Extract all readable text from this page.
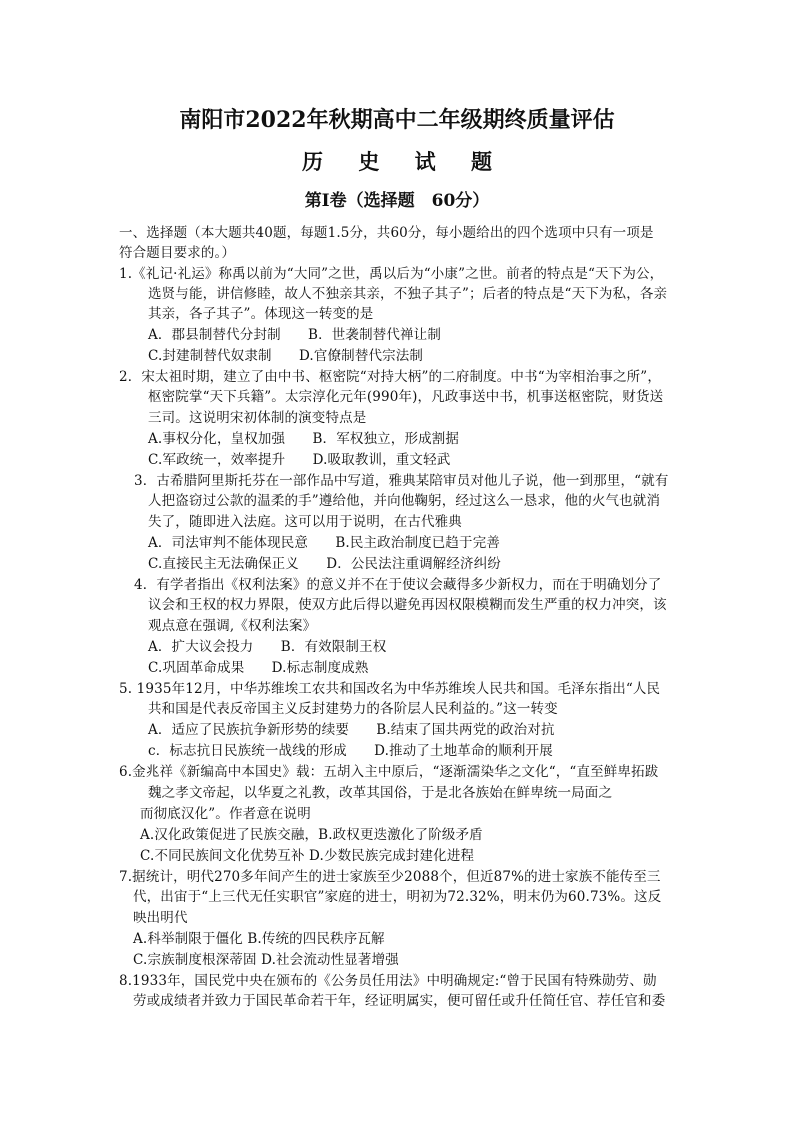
南阳市2022年秋期高中二年级期终质量评估
历 史 试 题
第Ⅰ卷（选择题　60分）
一、选择题（本大题共40题，每题1.5分，共60分，每小题给出的四个选项中只有一项是
符合题目要求的。）
1.《礼记·礼运》称禹以前为“大同”之世，禹以后为“小康”之世。前者的特点是“天下为公，
选贤与能，讲信修睦，故人不独亲其亲，不独子其子”；后者的特点是“天下为私，各亲
其亲，各子其子”。体现这一转变的是
A．郡县制替代分封制　　B．世袭制替代禅让制
C.封建制替代奴隶制　　D.官僚制替代宗法制
2．宋太祖时期，建立了由中书、枢密院“对持大柄”的二府制度。中书“为宰相治事之所”，
枢密院掌“天下兵籍”。太宗淳化元年(990年)，凡政事送中书，机事送枢密院，财货送
三司。这说明宋初体制的演变特点是
A.事权分化，皇权加强　　B．军权独立，形成割据
C.军政统一，效率提升　　D.吸取教训，重文轻武
3．古希腊阿里斯托芬在一部作品中写道，雅典某陪审员对他儿子说，他一到那里，“就有
人把盗窃过公款的温柔的手”遵给他，并向他鞠躬，经过这么一恳求，他的火气也就消
失了，随即进入法庭。这可以用于说明，在古代雅典
A．司法审判不能体现民意　　B.民主政治制度已趋于完善
C.直接民主无法确保正义　　D．公民法注重调解经济纠纷
4．有学者指出《权利法案》的意义并不在于使议会藏得多少新权力，而在于明确划分了
议会和王权的权力界限，使双方此后得以避免再因权限模糊而发生严重的权力冲突，该
观点意在强调,《权利法案》
A．扩大议会投力　　B．有效限制王权
C.巩固革命成果　　D.标志制度成熟
5. 1935年12月，中华苏维埃工农共和国改名为中华苏维埃人民共和国。毛泽东指出“人民
共和国是代表反帝国主义反封建势力的各阶层人民利益的。”这一转变
A．适应了民族抗争新形势的续要　　B.结束了国共两党的政治对抗
c．标志抗日民族统一战线的形成　　D.推动了土地革命的顺利开展
6.金兆祥《新编高中本国史》载：五胡入主中原后，“逐渐濡染华之文化“，“直至鲜卑拓跋
魏之孝文帝起，以华夏之礼教，改革其国俗，于是北各族始在鲜卑统一局面之
而彻底汉化”。作者意在说明
A.汉化政策促进了民族交融，B.政权更迭激化了阶级矛盾
C.不同民族间文化优势互补 D.少数民族完成封建化进程
7.据统计，明代270多年间产生的进士家族至少2088个，但近87%的进士家族不能传至三
代，出宙于“上三代无任实职官”家庭的进士，明初为72.32%，明末仍为60.73%。这反
映出明代
A.科举制限于僵化 B.传统的四民秩序瓦解
C.宗族制度根深蒂固 D.社会流动性显著增强
8.1933年，国民党中央在颁布的《公务员任用法》中明确规定:“曾于民国有特殊勋劳、勋
劳或成绩者并致力于国民革命若干年，经证明属实，便可留任或升任简任官、荐任官和委
